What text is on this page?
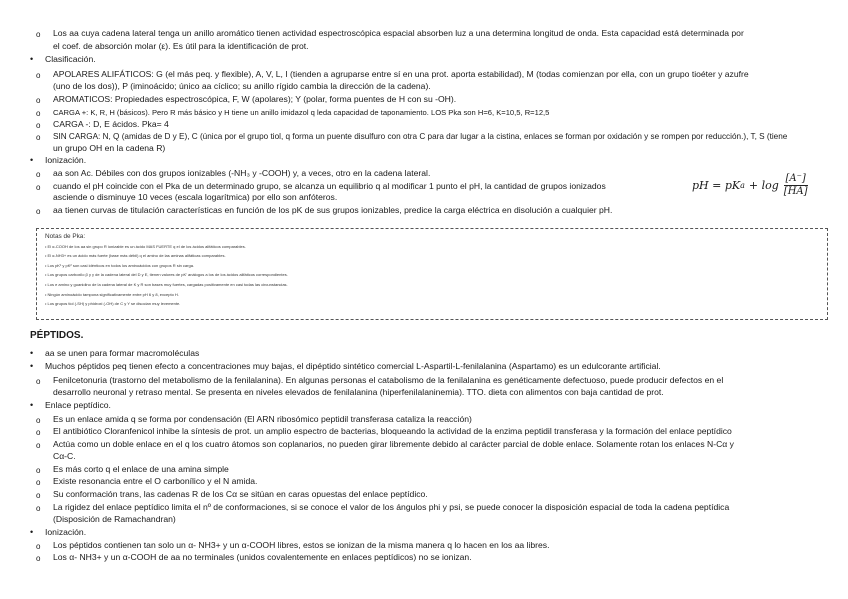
o Los aa cuya cadena lateral tenga un anillo aromático tienen actividad espectroscópica espacial absorben luz a una determina longitud de onda. Esta capacidad está determinada por
el coef. de absorción molar (ε). Es útil para la identificación de prot.
• Clasificación.
o APOLARES ALIFÁTICOS: G (el más peq. y flexible), A, V, L, I (tienden a agruparse entre sí en una prot. aporta estabilidad), M (todas comienzan por ella, con un grupo tioéter y azufre
(uno de los dos)), P (iminoácido; único aa cíclico; su anillo rígido cambia la dirección de la cadena).
o AROMATICOS: Propiedades espectroscópica, F, W (apolares); Y (polar, forma puentes de H con su -OH).
o CARGA +: K, R, H (básicos). Pero R más básico y H tiene un anillo imidazol q leda capacidad de taponamiento. LOS Pka son H=6, K=10,5, R=12,5
o CARGA -: D, E ácidos. Pka= 4
o SIN CARGA: N, Q (amidas de D y E), C (única por el grupo tiol, q forma un puente disulfuro con otra C para dar lugar a la cistina, enlaces se forman por oxidación y se rompen por reducción.), T, S (tiene
un grupo OH en la cadena R)
• Ionización.
o aa son Ac. Débiles con dos grupos ionizables (-NH₃ y -COOH) y, a veces, otro en la cadena lateral.
o cuando el pH coincide con el Pka de un determinado grupo, se alcanza un equilibrio q al modificar 1 punto el pH, la cantidad de grupos ionizados
asciende o disminuye 10 veces (escala logarítmica) por ello son anfóteros.
o aa tienen curvas de titulación características en función de los pK de sus grupos ionizables, predice la carga eléctrica en disolución a cualquier pH.
pH = pK $a + \log \frac{[A^-]}{[HA]}$
Notas de Pka:
• El α-COOH de los aa sin grupo R ionizable es un ácido MAS FUERTE q el de los ácidos alifáticos comparables.
• El α-NH3+ es un ácido más fuerte (base más débil) q el amino de las aminas alifáticas comparables.
• Los pK¹ y pK² son casi idénticos en todos los aminoácidos con grupos R sin carga.
• Los grupos carboxilo β y γ de la cadena lateral del D y E, tienen valores de pK' análogos a los de los ácidos alifáticos correspondientes.
• Los e amino y guanidino de la cadena lateral de K y R son bases muy fuertes, cargadas positivamente en casi todas las circunstancias.
• Ningún aminoácido tampona significativamente entre pH 6 y 8, excepto H.
• Los grupos tiol (-SH) y phidroxi (-OH) de C y Y se disocian muy levemente.
PÉPTIDOS.
• aa se unen para formar macromoléculas
• Muchos péptidos peq tienen efecto a concentraciones muy bajas, el dipéptido sintético comercial L-Aspartil-L-fenilalanina (Aspartamo) es un edulcorante artificial.
o Fenilcetonuria (trastorno del metabolismo de la fenilalanina). En algunas personas el catabolismo de la fenilalanina es genéticamente defectuoso, puede producir defectos en el
desarrollo neuronal y retraso mental. Se presenta en niveles elevados de fenilalanina (hiperfenilalaninemia). TTO. dieta con alimentos con baja cantidad de prot.
• Enlace peptídico.
o Es un enlace amida q se forma por condensación (El ARN ribosómico peptidil transferasa cataliza la reacción)
o El antibiótico Cloranfenicol inhibe la síntesis de prot. un amplio espectro de bacterias, bloqueando la actividad de la enzima peptidil transferasa y la formación del enlace peptídico
o Actúa como un doble enlace en el q los cuatro átomos son coplanarios, no pueden girar libremente debido al carácter parcial de doble enlace. Solamente rotan los enlaces N-Cα y
Cα-C.
o Es más corto q el enlace de una amina simple
o Existe resonancia entre el O carbonílico y el N amida.
o Su conformación trans, las cadenas R de los Cα se sitúan en caras opuestas del enlace peptídico.
o La rigidez del enlace peptídico limita el nº de conformaciones, si se conoce el valor de los ángulos phi y psi, se puede conocer la disposición espacial de toda la cadena peptídica
(Disposición de Ramachandran)
• Ionización.
o Los péptidos contienen tan solo un α- NH3+ y un α-COOH libres, estos se ionizan de la misma manera q lo hacen en los aa libres.
o Los α- NH3+ y un α-COOH de aa no terminales (unidos covalentemente en enlaces peptídicos) no se ionizan.
